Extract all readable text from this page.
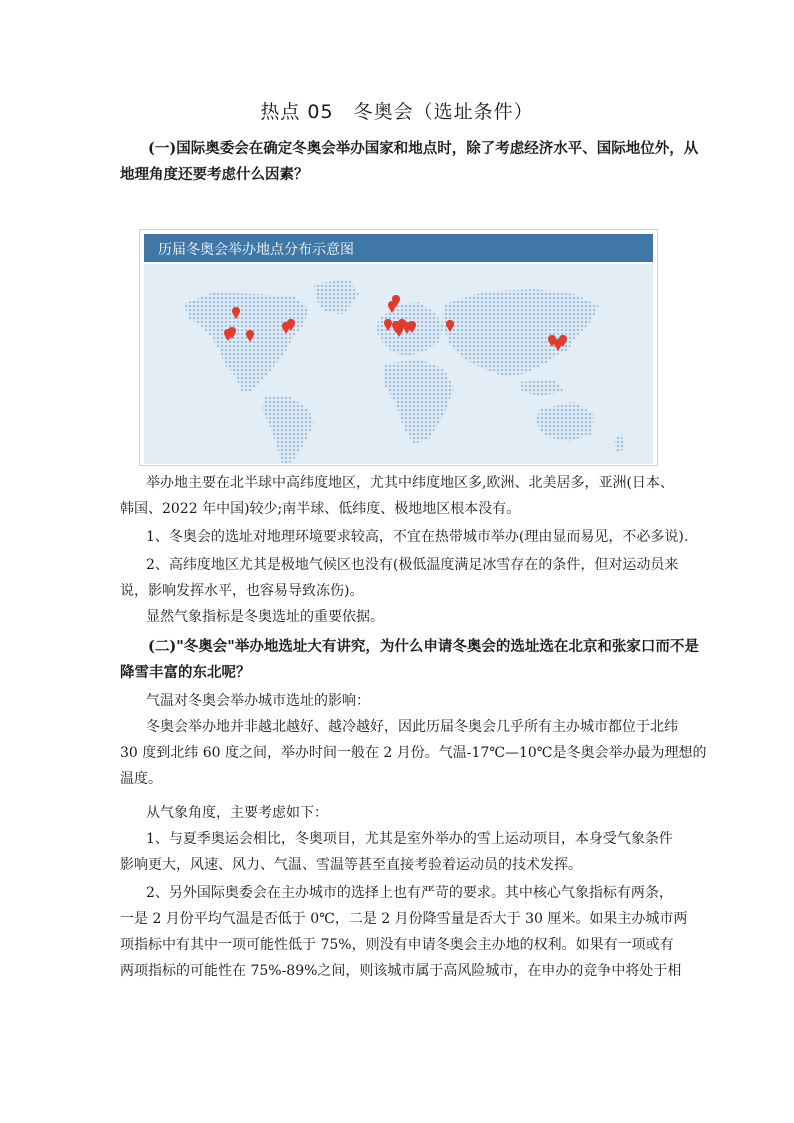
热点 05　冬奥会（选址条件）
(一)国际奥委会在确定冬奥会举办国家和地点时，除了考虑经济水平、国际地位外，从
地理角度还要考虑什么因素？
历届冬奥会举办地点分布示意图
举办地主要在北半球中高纬度地区，尤其中纬度地区多,欧洲、北美居多，亚洲(日本、
韩国、2022 年中国)较少;南半球、低纬度、极地地区根本没有。
1、冬奥会的选址对地理环境要求较高，不宜在热带城市举办(理由显而易见，不必多说).
2、高纬度地区尤其是极地气候区也没有(极低温度满足冰雪存在的条件，但对运动员来
说，影响发挥水平，也容易导致冻伤)。
显然气象指标是冬奥选址的重要依据。
(二)"冬奥会"举办地选址大有讲究，为什么申请冬奥会的选址选在北京和张家口而不是
降雪丰富的东北呢？
气温对冬奥会举办城市选址的影响：
冬奥会举办地并非越北越好、越冷越好，因此历届冬奥会几乎所有主办城市都位于北纬
30 度到北纬 60 度之间，举办时间一般在 2 月份。气温-17℃—10℃是冬奥会举办最为理想的
温度。
从气象角度，主要考虑如下：
1、与夏季奥运会相比，冬奥项目，尤其是室外举办的雪上运动项目，本身受气象条件
影响更大，风速、风力、气温、雪温等甚至直接考验着运动员的技术发挥。
2、另外国际奥委会在主办城市的选择上也有严苛的要求。其中核心气象指标有两条，
一是 2 月份平均气温是否低于 0℃，二是 2 月份降雪量是否大于 30 厘米。如果主办城市两
项指标中有其中一项可能性低于 75%，则没有申请冬奥会主办地的权利。如果有一项或有
两项指标的可能性在 75%-89%之间，则该城市属于高风险城市，在申办的竞争中将处于相
